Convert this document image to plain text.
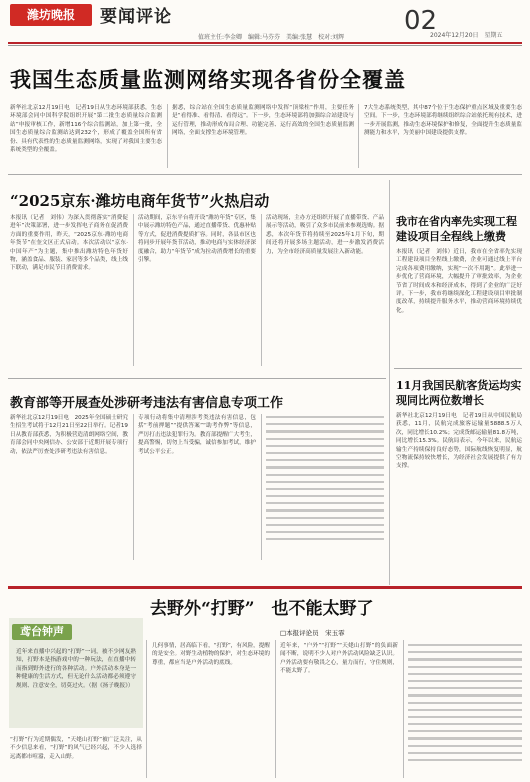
潍坊晚报	要闻评论	02
值班主任:李金卿　编辑:马芬芬　美编:张慧　校对:刘辉	2024年12月20日　星期五
我国生态质量监测网络实现各省份全覆盖
新华社北京12月19日电　记者19日从生态环境部获悉，生态环境部会同中国科学院组织开展“第二批生态质量综合监测站”申报审核工作，新增116个综合监测站，加上第一批，全国生态质量综合监测站达到232个，形成了覆盖全国所有省份、具有代表性的生态质量监测网络，实现了对我国主要生态系统类型的全覆盖。
据悉，综合站在全国生态质量监测网络中发挥“顶梁柱”作用，主要任务是“看得准、看得清、看得远”。下一步，生态环境部将加强综合站建设与运行管理，推动形成布局合理、功能完善、运行高效的全国生态质量监测网络，全面支撑生态环境管理。
7大生态系统类型，其中87个位于生态保护重点区域及重要生态空间。下一步，生态环境部将继续组织综合站依托现有技术，进一步开展监测，推动生态环境保护和修复，全面提升生态质量监测能力和水平，为美丽中国建设提供支撑。
“2025京东·潍坊电商年货节”火热启动
本报讯（记者　刘伟）为深入贯彻落实“消费促进年”决策部署，进一步发挥电子商务在促消费方面的重要作用，昨天，“2025京东·潍坊电商年货节”在奎文区正式启动。本次活动以“京东·中国年产”为主题，集中推出潍坊特色年货好物，涵盖食品、服装、家居等多个品类，线上线下联动，满足市民节日消费需求。
活动期间，京东平台将开设“潍坊年货”专区，集中展示潍坊特色产品，通过直播带货、优惠补贴等方式，促进消费提质扩容。同时，各县市区也将同步开展年货节活动，推动电商与实体经济深度融合，助力“年货节”成为拉动消费增长的重要引擎。
活动现场，主办方还组织开展了直播带货、产品展示等活动，吸引了众多市民前来参观选购。据悉，本次年货节将持续至2025年1月下旬，期间还将开展多场主题活动，进一步激发消费活力，为全市经济高质量发展注入新动能。
我市在省内率先实现工程建设项目全程线上缴费
本报讯（记者　刘伟）近日，我市在全省率先实现工程建设项目全程线上缴费，企业可通过线上平台完成各项费用缴纳，实现“一次不用跑”。此举进一步优化了营商环境，大幅提升了审批效率，为企业节省了时间成本和经济成本，得到了企业的广泛好评。下一步，我市将继续深化工程建设项目审批制度改革，持续提升服务水平，推动营商环境持续优化。
教育部等开展查处涉研考违法有害信息专项工作
新华社北京12月19日电　2025年全国硕士研究生招生考试将于12月21日至22日举行。记者19日从教育部获悉，为积极营造清朗网络空间，教育部会同中央网信办、公安部于近期开展专项行动，依法严厉查处涉研考违法有害信息。
专项行动将集中清理涉考类违法有害信息，包括“考前押题”“提供答案”“助考作弊”等信息，严厉打击违法犯罪行为。教育部提醒广大考生，提高警惕，切勿上当受骗，诚信参加考试，维护考试公平公正。
11月我国民航客货运均实现同比两位数增长
新华社北京12月19日电　记者19日从中国民航局获悉，11月，民航完成旅客运输量5888.5万人次，同比增长10.2%；完成货邮运输量81.8万吨，同比增长15.3%。民航局表示，今年以来，民航运输生产持续保持良好态势，国际航线恢复明显，航空物流保持较快增长，为经济社会发展提供了有力支撑。
去野外“打野”　也不能太野了
□本报评论员　宋玉霏
鸢台钟声
近年来直播中兴起的“打野”一词，被不少网友熟知，打野本是指游戏中的一种玩法，在直播中转而指到野外进行的各种活动。户外活动本身是一种健康的生活方式，但无论什么活动都必须遵守规则、注意安全，切莫过火。（据《扬子晚报》）
“打野”行为近期偶发，“天姥山打野”被广泛关注，从不少信息来看，“打野”的风气已经兴起，不少人选择远离都市喧嚣，走入山野。
几何事情，居高临下看，“打野”，有风险，提醒的是安全。对野生动植物的保护，对生态环境的尊重，都应当是户外活动的底线。
近年来，“户外”“打野”“天姥山打野”的负面新闻不断，说明不少人对户外活动风险缺乏认识。户外活动要有敬畏之心，量力而行，守住规则，不能太野了。
